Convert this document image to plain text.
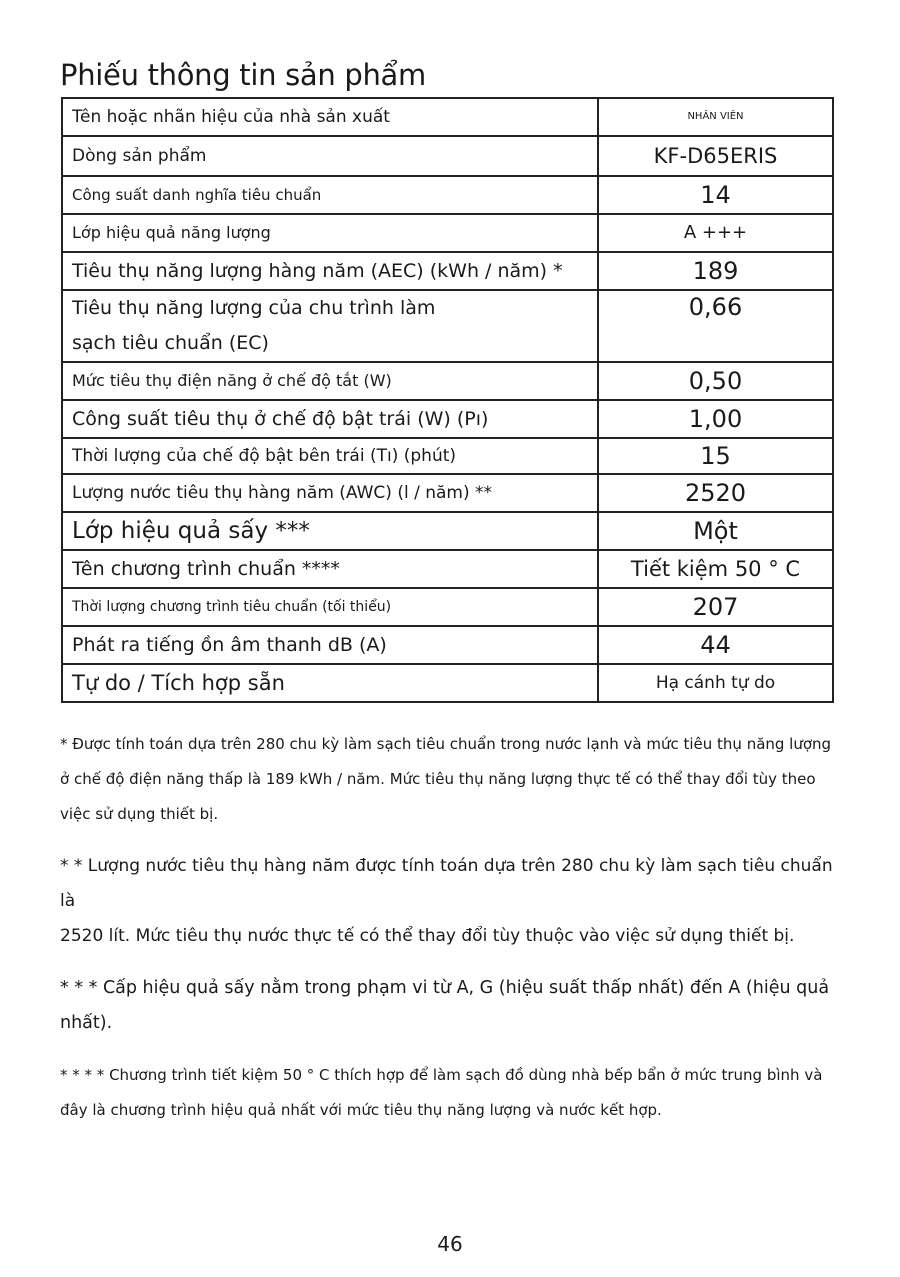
Phiếu thông tin sản phẩm
Tên hoặc nhãn hiệu của nhà sản xuất	NHÂN VIÊN
Dòng sản phẩm	KF-D65ERIS
Công suất danh nghĩa tiêu chuẩn	14
Lớp hiệu quả năng lượng	A +++
Tiêu thụ năng lượng hàng năm (AEC) (kWh / năm) *	189
Tiêu thụ năng lượng của chu trình làm
sạch tiêu chuẩn (EC)	0,66
Mức tiêu thụ điện năng ở chế độ tắt (W)	0,50
Công suất tiêu thụ ở chế độ bật trái (W) (Pı)	1,00
Thời lượng của chế độ bật bên trái (Tı) (phút)	15
Lượng nước tiêu thụ hàng năm (AWC) (l / năm) **	2520
Lớp hiệu quả sấy ***	Một
Tên chương trình chuẩn ****	Tiết kiệm 50 ° C
Thời lượng chương trình tiêu chuẩn (tối thiểu)	207
Phát ra tiếng ồn âm thanh dB (A)	44
Tự do / Tích hợp sẵn	Hạ cánh tự do

* Được tính toán dựa trên 280 chu kỳ làm sạch tiêu chuẩn trong nước lạnh và mức tiêu thụ năng lượng
ở chế độ điện năng thấp là 189 kWh / năm. Mức tiêu thụ năng lượng thực tế có thể thay đổi tùy theo
việc sử dụng thiết bị.

* * Lượng nước tiêu thụ hàng năm được tính toán dựa trên 280 chu kỳ làm sạch tiêu chuẩn là
2520 lít. Mức tiêu thụ nước thực tế có thể thay đổi tùy thuộc vào việc sử dụng thiết bị.

* * * Cấp hiệu quả sấy nằm trong phạm vi từ A, G (hiệu suất thấp nhất) đến A (hiệu quả
nhất).

* * * * Chương trình tiết kiệm 50 ° C thích hợp để làm sạch đồ dùng nhà bếp bẩn ở mức trung bình và
đây là chương trình hiệu quả nhất với mức tiêu thụ năng lượng và nước kết hợp.

46
